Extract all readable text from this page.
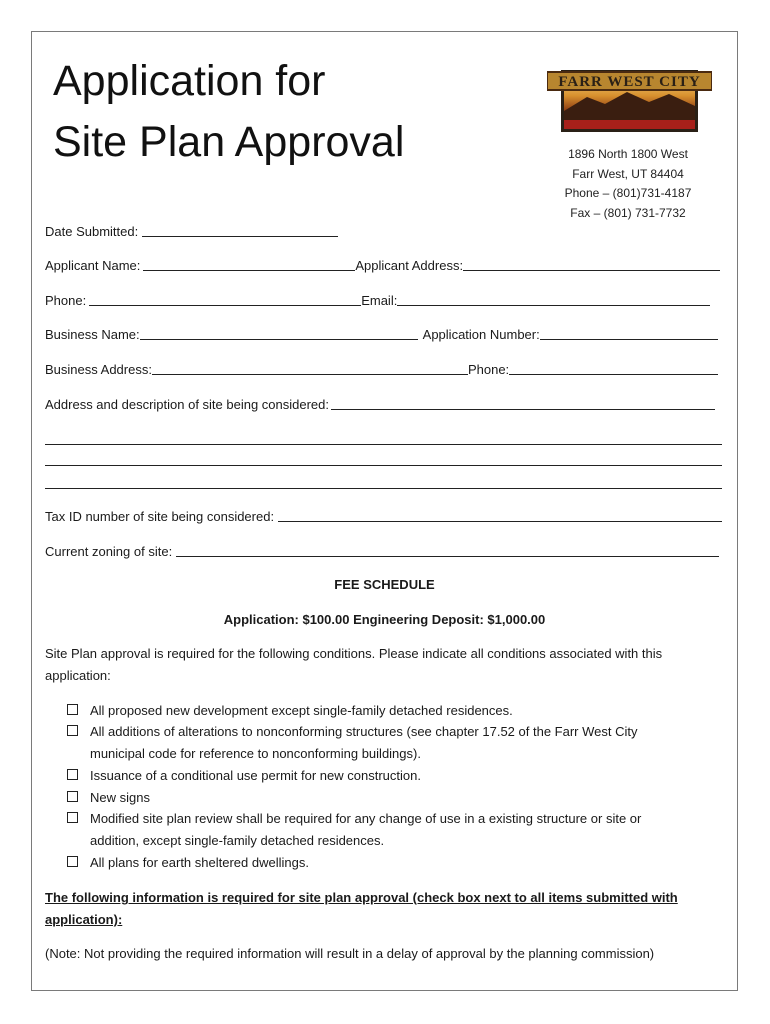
Application for
Site Plan Approval
FARR WEST CITY
1896 North 1800 West
Farr West, UT 84404
Phone – (801)731-4187
Fax – (801) 731-7732
Date Submitted:
Applicant Name:	Applicant Address:
Phone:	Email:
Business Name:	Application Number:
Business Address:	Phone:
Address and description of site being considered:
Tax ID number of site being considered:
Current zoning of site:
FEE SCHEDULE
Application: $100.00 Engineering Deposit: $1,000.00
Site Plan approval is required for the following conditions. Please indicate all conditions associated with this application:
All proposed new development except single-family detached residences.
All additions of alterations to nonconforming structures (see chapter 17.52 of the Farr West City
municipal code for reference to nonconforming buildings).
Issuance of a conditional use permit for new construction.
New signs
Modified site plan review shall be required for any change of use in a existing structure or site or
addition, except single-family detached residences.
All plans for earth sheltered dwellings.
The following information is required for site plan approval (check box next to all items submitted with application):
(Note: Not providing the required information will result in a delay of approval by the planning commission)
